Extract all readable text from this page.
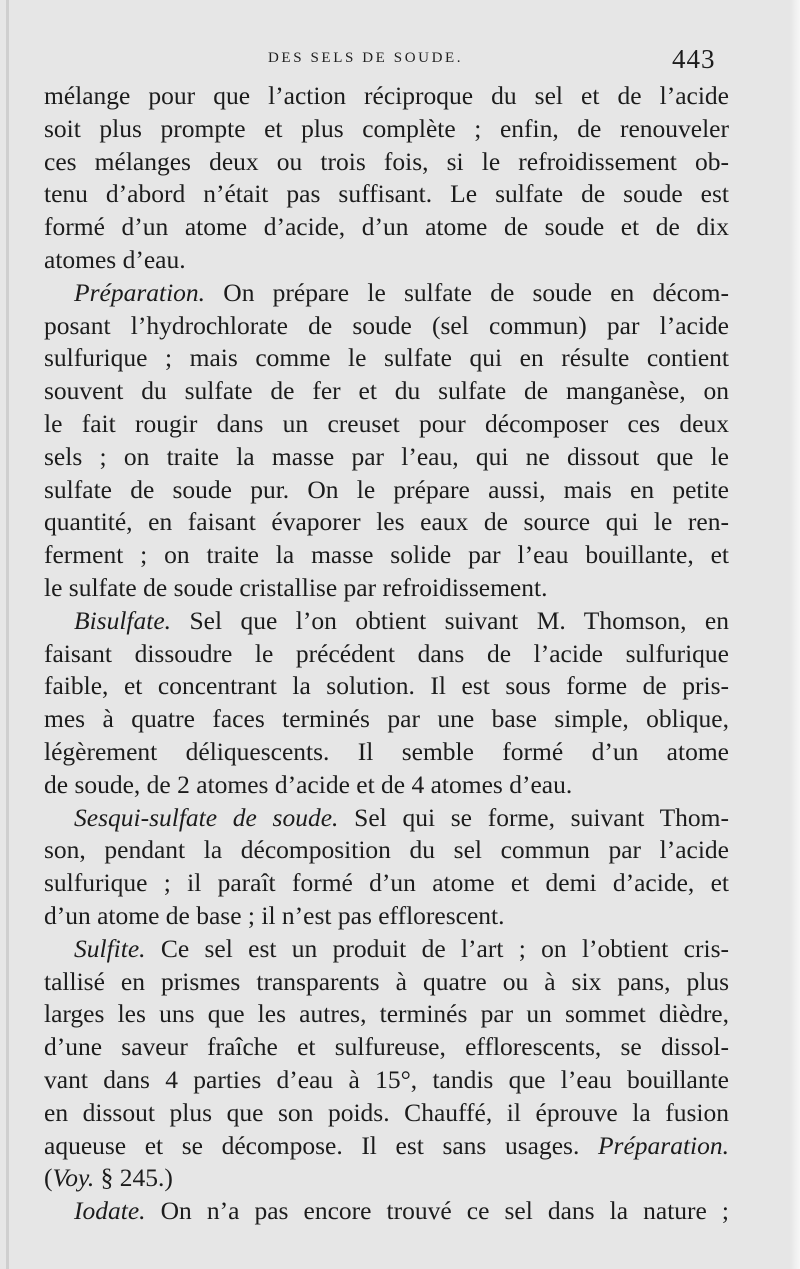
DES SELS DE SOUDE.	443
mélange pour que l’action réciproque du sel et de l’acide
soit plus prompte et plus complète ; enfin, de renouveler
ces mélanges deux ou trois fois, si le refroidissement ob-
tenu d’abord n’était pas suffisant. Le sulfate de soude est
formé d’un atome d’acide, d’un atome de soude et de dix
atomes d’eau.
Préparation. On prépare le sulfate de soude en décom-
posant l’hydrochlorate de soude (sel commun) par l’acide
sulfurique ; mais comme le sulfate qui en résulte contient
souvent du sulfate de fer et du sulfate de manganèse, on
le fait rougir dans un creuset pour décomposer ces deux
sels ; on traite la masse par l’eau, qui ne dissout que le
sulfate de soude pur. On le prépare aussi, mais en petite
quantité, en faisant évaporer les eaux de source qui le ren-
ferment ; on traite la masse solide par l’eau bouillante, et
le sulfate de soude cristallise par refroidissement.
Bisulfate. Sel que l’on obtient suivant M. Thomson, en
faisant dissoudre le précédent dans de l’acide sulfurique
faible, et concentrant la solution. Il est sous forme de pris-
mes à quatre faces terminés par une base simple, oblique,
légèrement déliquescents. Il semble formé d’un atome
de soude, de 2 atomes d’acide et de 4 atomes d’eau.
Sesqui-sulfate de soude. Sel qui se forme, suivant Thom-
son, pendant la décomposition du sel commun par l’acide
sulfurique ; il paraît formé d’un atome et demi d’acide, et
d’un atome de base ; il n’est pas efflorescent.
Sulfite. Ce sel est un produit de l’art ; on l’obtient cris-
tallisé en prismes transparents à quatre ou à six pans, plus
larges les uns que les autres, terminés par un sommet dièdre,
d’une saveur fraîche et sulfureuse, efflorescents, se dissol-
vant dans 4 parties d’eau à 15°, tandis que l’eau bouillante
en dissout plus que son poids. Chauffé, il éprouve la fusion
aqueuse et se décompose. Il est sans usages. Préparation.
(Voy. § 245.)
Iodate. On n’a pas encore trouvé ce sel dans la nature ;
